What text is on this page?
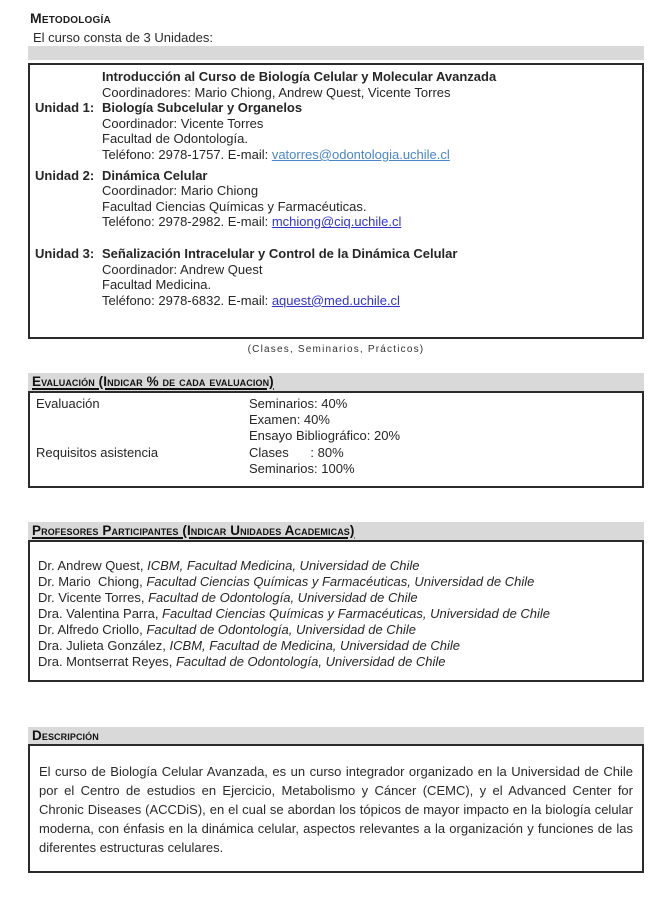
Metodología
El curso consta de 3 Unidades:
Introducción al Curso de Biología Celular y Molecular Avanzada
Coordinadores: Mario Chiong, Andrew Quest, Vicente Torres
Unidad 1: Biología Subcelular y Organelos
Coordinador: Vicente Torres
Facultad de Odontología.
Teléfono: 2978-1757. E-mail: vatorres@odontologia.uchile.cl
Unidad 2: Dinámica Celular
Coordinador: Mario Chiong
Facultad Ciencias Químicas y Farmacéuticas.
Teléfono: 2978-2982. E-mail: mchiong@ciq.uchile.cl
Unidad 3: Señalización Intracelular y Control de la Dinámica Celular
Coordinador: Andrew Quest
Facultad Medicina.
Teléfono: 2978-6832. E-mail: aquest@med.uchile.cl
(Clases, Seminarios, Prácticos)
Evaluación (Indicar % de cada evaluacion)
Evaluación	Seminarios: 40%
Examen: 40%
Ensayo Bibliográfico: 20%
Requisitos asistencia	Clases      : 80%
Seminarios: 100%
Profesores Participantes (Indicar Unidades Academicas)
Dr. Andrew Quest, ICBM, Facultad Medicina, Universidad de Chile
Dr. Mario  Chiong, Facultad Ciencias Químicas y Farmacéuticas, Universidad de Chile
Dr. Vicente Torres, Facultad de Odontología, Universidad de Chile
Dra. Valentina Parra, Facultad Ciencias Químicas y Farmacéuticas, Universidad de Chile
Dr. Alfredo Criollo, Facultad de Odontología, Universidad de Chile
Dra. Julieta González, ICBM, Facultad de Medicina, Universidad de Chile
Dra. Montserrat Reyes, Facultad de Odontología, Universidad de Chile
Descripción
El curso de Biología Celular Avanzada, es un curso integrador organizado en la Universidad de Chile por el Centro de estudios en Ejercicio, Metabolismo y Cáncer (CEMC), y el Advanced Center for Chronic Diseases (ACCDiS), en el cual se abordan los tópicos de mayor impacto en la biología celular moderna, con énfasis en la dinámica celular, aspectos relevantes a la organización y funciones de las diferentes estructuras celulares.
